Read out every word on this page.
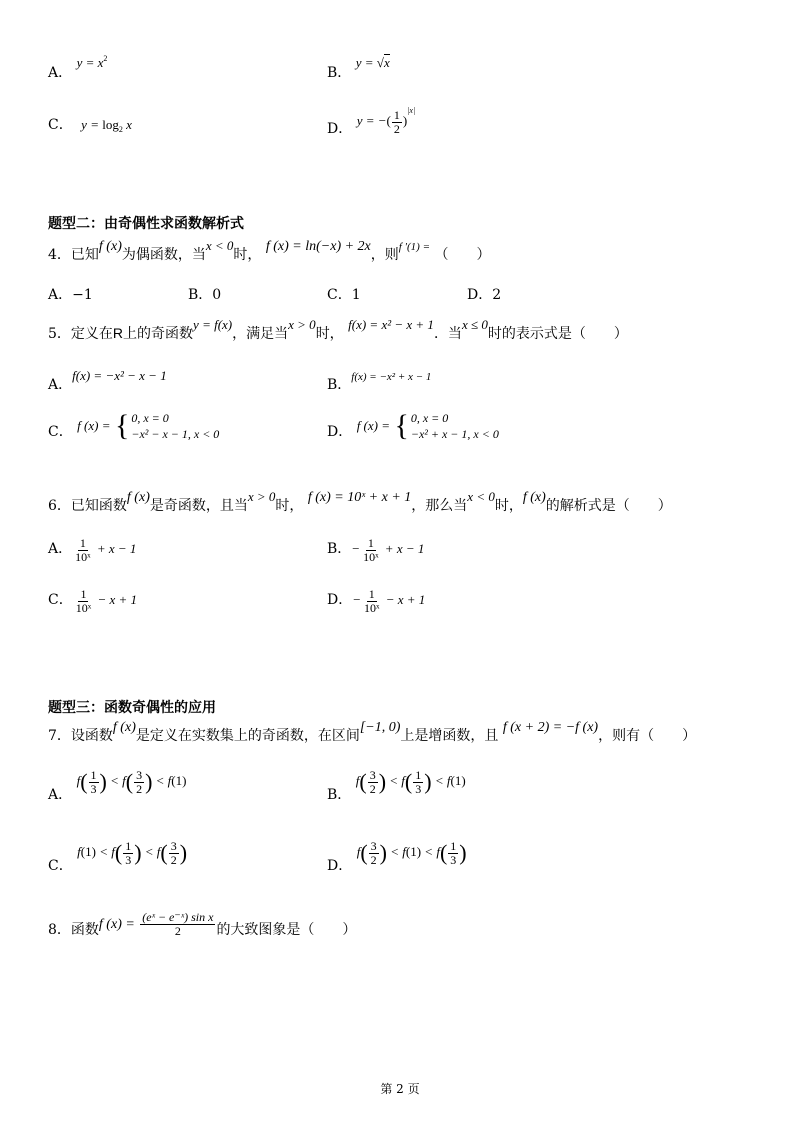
A． $y = x^2$
B． y = √x
C． $y = \log_2 x$	D． y = −( $\frac{1}{2} )^{|x|}$
题型二：由奇偶性求函数解析式
4．已知f (x)为偶函数，当x < 0时， f (x) = ln(−x) + 2x，则f ′(1) = （　　）
A．−1	B．0	C．1	D．2
5．定义在R上的奇函数y = f(x)，满足当x > 0时， f(x) = x² − x + 1．当x ≤ 0时的表示式是（　　）
A．f(x) = −x² − x − 1
B．f(x) = −x² + x − 1
C． f (x) = { 0, x = 0
−x² − x − 1, x < 0	D． f (x) = { 0, x = 0
−x² + x − 1, x < 0
6．已知函数f (x)是奇函数，且当x > 0时， f (x) = 10ˣ + x + 1，那么当x < 0时，f (x)的解析式是（　　）
A． $\frac{1}{\text{10ˣ}} + x - 1$	B．− $\frac{1}{\text{10ˣ}} + x - 1$
C． $\frac{1}{\text{10ˣ}} - x + 1$	D．− $\frac{1}{\text{10ˣ}} - x + 1$
题型三：函数奇偶性的应用
7．设函数f (x)是定义在实数集上的奇函数，在区间[−1, 0)上是增函数，且 f (x + 2) = −f (x)，则有（　　）
A． $f( \frac{1}{3}$ ) < $f( \frac{3}{2}$ ) < f(1)
B． $f( \frac{3}{2}$ ) < $f( \frac{1}{3}$ ) < f(1)
C． $f(1) < f( \frac{1}{3}$ ) < $f( \frac{3}{2}$ )
D． $f( \frac{3}{2}$ ) < $f(1) < f( \frac{1}{3}$ )
8．函数f $(x) = \frac{\text{(eˣ − e⁻ˣ) sin x}}{2}$ 的大致图象是（　　）
第 2 页
